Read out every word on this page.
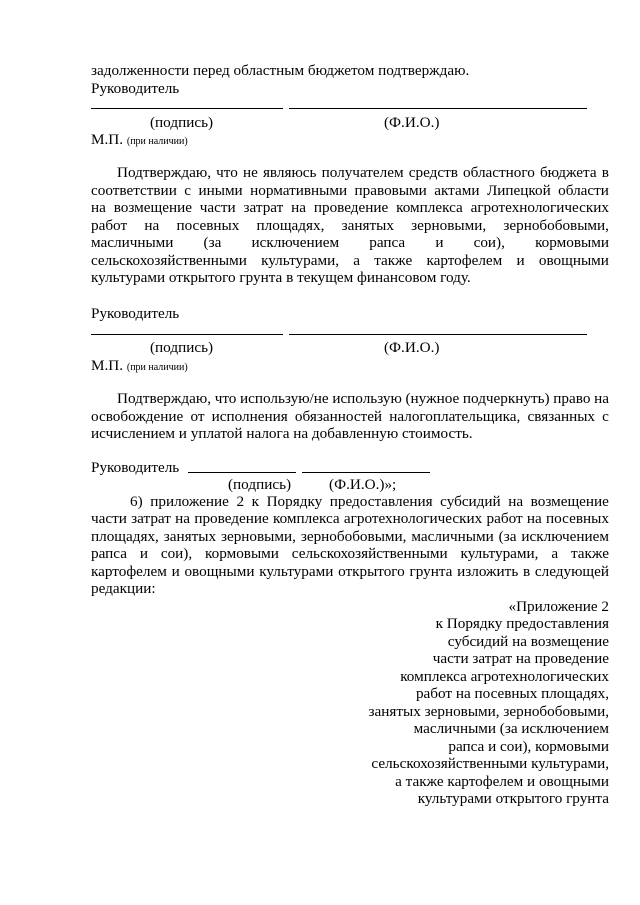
задолженности перед областным бюджетом подтверждаю.
Руководитель
(подпись)	(Ф.И.О.)
М.П. (при наличии)
Подтверждаю, что не являюсь получателем средств областного бюджета в
соответствии с иными нормативными правовыми актами Липецкой области
на возмещение части затрат на проведение комплекса агротехнологических
работ на посевных площадях, занятых зерновыми, зернобобовыми,
масличными (за исключением рапса и сои), кормовыми
сельскохозяйственными культурами, а также картофелем и овощными
культурами открытого грунта в текущем финансовом году.
Руководитель
(подпись)	(Ф.И.О.)
М.П. (при наличии)
Подтверждаю, что использую/не использую (нужное подчеркнуть) право на
освобождение от исполнения обязанностей налогоплательщика, связанных с
исчислением и уплатой налога на добавленную стоимость.
Руководитель
(подпись)          (Ф.И.О.)»;
6) приложение 2 к Порядку предоставления субсидий на возмещение
части затрат на проведение комплекса агротехнологических работ на посевных
площадях, занятых зерновыми, зернобобовыми, масличными (за исключением
рапса и сои), кормовыми сельскохозяйственными культурами, а также
картофелем и овощными культурами открытого грунта изложить в следующей
редакции:
«Приложение 2
к Порядку предоставления
субсидий на возмещение
части затрат на проведение
комплекса агротехнологических
работ на посевных площадях,
занятых зерновыми, зернобобовыми,
масличными (за исключением
рапса и сои), кормовыми
сельскохозяйственными культурами,
а также картофелем и овощными
культурами открытого грунта
